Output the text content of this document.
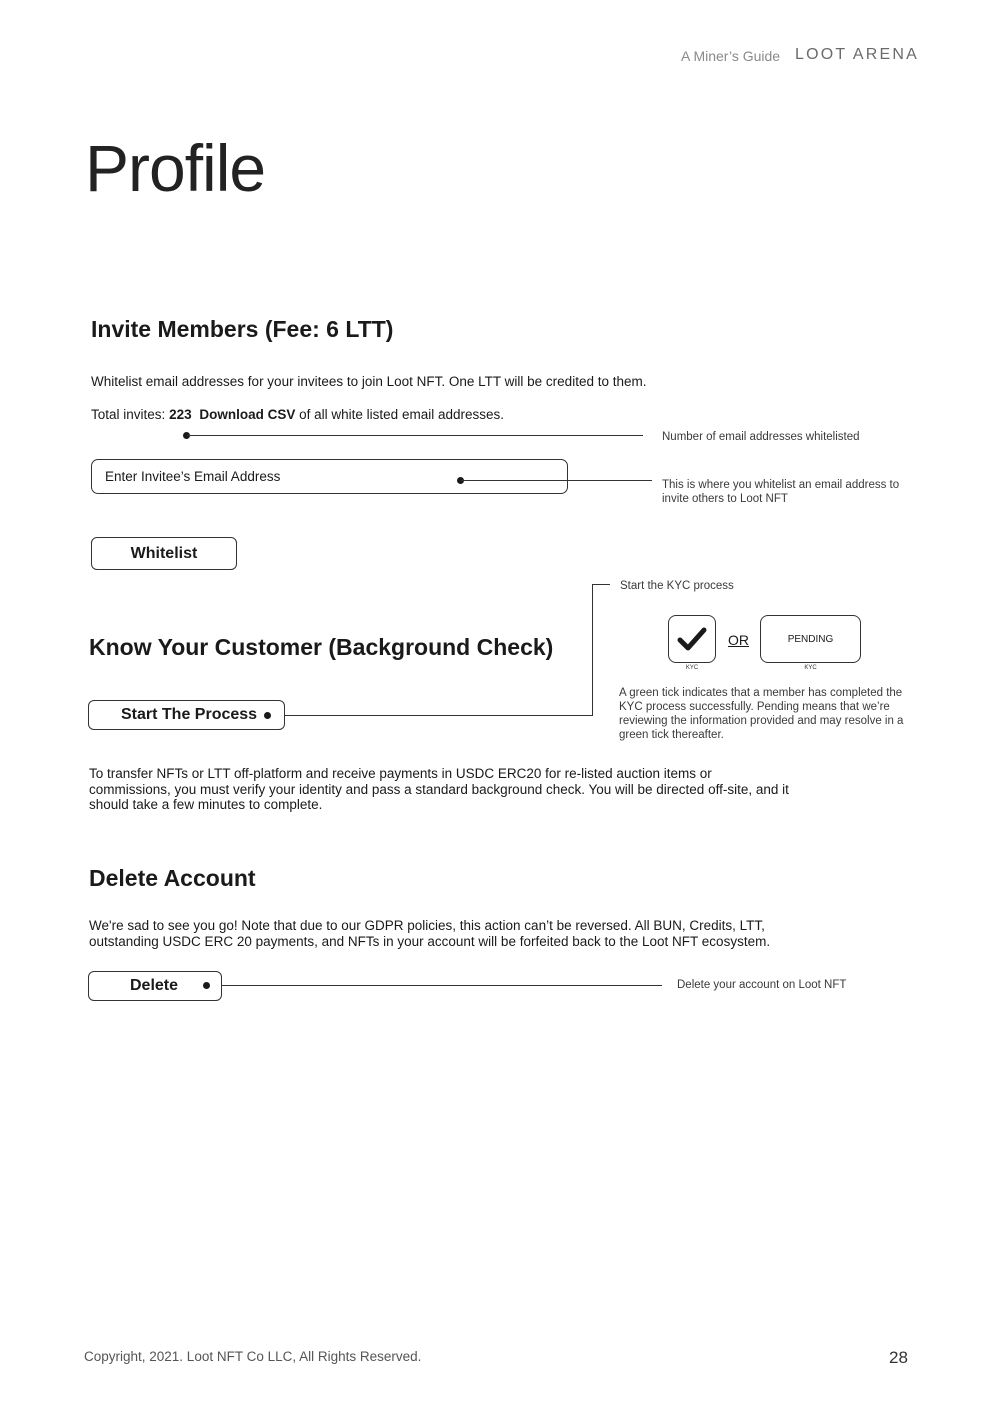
A Miner’s Guide LOOT ARENA
Profile
Invite Members (Fee: 6 LTT)
Whitelist email addresses for your invitees to join Loot NFT. One LTT will be credited to them.
Total invites: 223 Download CSV of all white listed email addresses.
Number of email addresses whitelisted
Enter Invitee’s Email Address
This is where you whitelist an email address to invite others to Loot NFT
Whitelist
Start the KYC process
Know Your Customer (Background Check)
KYC
OR	PENDING
KYC
A green tick indicates that a member has completed the KYC process successfully. Pending means that we’re reviewing the information provided and may resolve in a green tick thereafter.
Start The Process
To transfer NFTs or LTT off-platform and receive payments in USDC ERC20 for re-listed auction items or commissions, you must verify your identity and pass a standard background check. You will be directed off-site, and it should take a few minutes to complete.
Delete Account
We're sad to see you go! Note that due to our GDPR policies, this action can’t be reversed. All BUN, Credits, LTT, outstanding USDC ERC 20 payments, and NFTs in your account will be forfeited back to the Loot NFT ecosystem.
Delete	Delete your account on Loot NFT
Copyright, 2021. Loot NFT Co LLC, All Rights Reserved.	28
